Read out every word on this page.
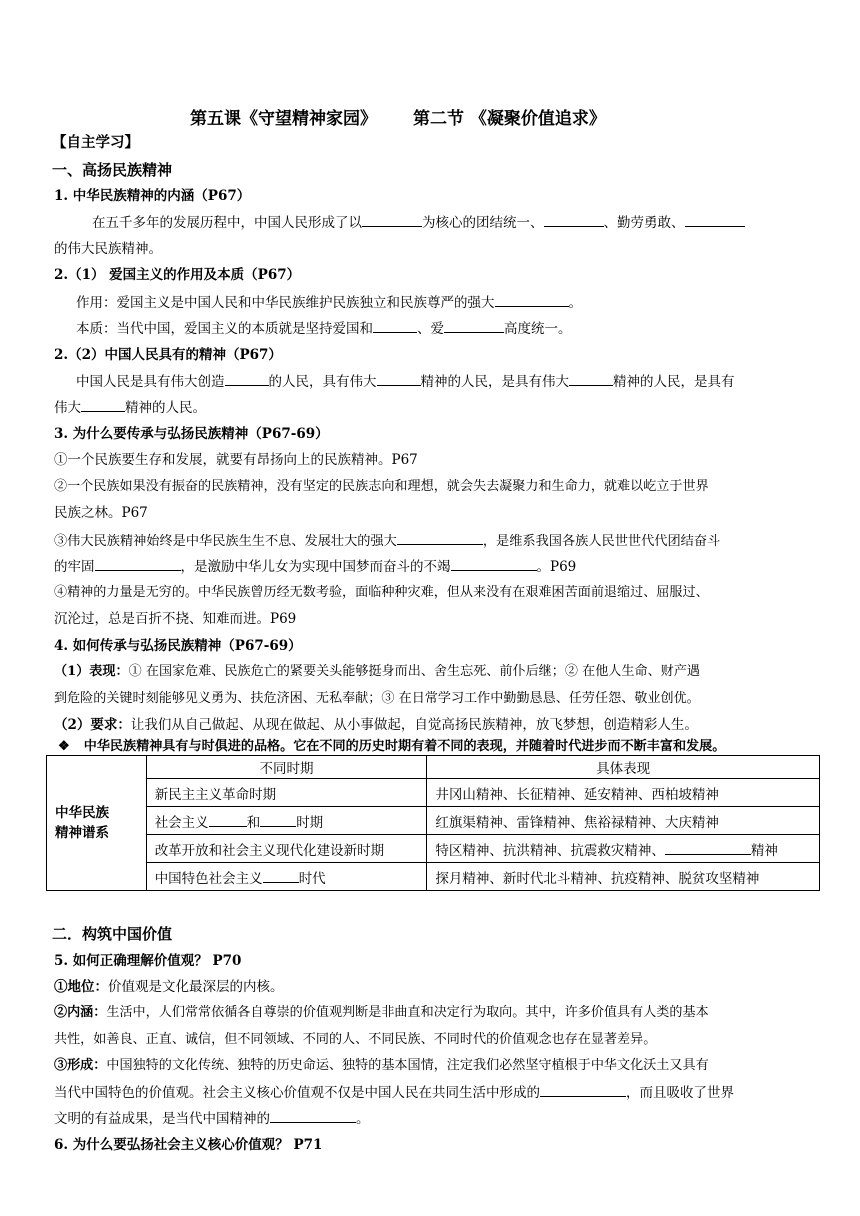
第五课《守望精神家园》 第二节 《凝聚价值追求》
【自主学习】
一、高扬民族精神
1. 中华民族精神的内涵（P67）
在五千多年的发展历程中，中国人民形成了以	为核心的团结统一、	、勤劳勇敢、
的伟大民族精神。
2.（1） 爱国主义的作用及本质（P67）
作用：爱国主义是中国人民和中华民族维护民族独立和民族尊严的强大	。
本质：当代中国，爱国主义的本质就是坚持爱国和	、爱	高度统一。
2.（2）中国人民具有的精神（P67）
中国人民是具有伟大创造	的人民，具有伟大	精神的人民，是具有伟大	精神的人民，是具有
伟大	精神的人民。
3. 为什么要传承与弘扬民族精神（P67-69）
①一个民族要生存和发展，就要有昂扬向上的民族精神。P67
②一个民族如果没有振奋的民族精神，没有坚定的民族志向和理想，就会失去凝聚力和生命力，就难以屹立于世界
民族之林。P67
③伟大民族精神始终是中华民族生生不息、发展壮大的强大	，是维系我国各族人民世世代代团结奋斗
的牢固	，是激励中华儿女为实现中国梦而奋斗的不竭	。P69
④精神的力量是无穷的。中华民族曾历经无数考验，面临种种灾难，但从来没有在艰难困苦面前退缩过、屈服过、
沉沦过，总是百折不挠、知难而进。P69
4. 如何传承与弘扬民族精神（P67-69）
（1）表现：① 在国家危难、民族危亡的紧要关头能够挺身而出、舍生忘死、前仆后继；② 在他人生命、财产遇
到危险的关键时刻能够见义勇为、扶危济困、无私奉献；③ 在日常学习工作中勤勤恳恳、任劳任怨、敬业创优。
（2）要求：让我们从自己做起、从现在做起、从小事做起，自觉高扬民族精神，放飞梦想，创造精彩人生。
❖ 中华民族精神具有与时俱进的品格。它在不同的历史时期有着不同的表现，并随着时代进步而不断丰富和发展。
中华民族
精神谱系	不同时期	具体表现
	新民主主义革命时期	井冈山精神、长征精神、延安精神、西柏坡精神
	社会主义 和 时期	红旗渠精神、雷锋精神、焦裕禄精神、大庆精神
	改革开放和社会主义现代化建设新时期	特区精神、抗洪精神、抗震救灾精神、 精神
	中国特色社会主义 时代	探月精神、新时代北斗精神、抗疫精神、脱贫攻坚精神
二．构筑中国价值
5. 如何正确理解价值观？ P70
①地位：价值观是文化最深层的内核。
②内涵：生活中，人们常常依循各自尊崇的价值观判断是非曲直和决定行为取向。其中，许多价值具有人类的基本
共性，如善良、正直、诚信，但不同领域、不同的人、不同民族、不同时代的价值观念也存在显著差异。
③形成：中国独特的文化传统、独特的历史命运、独特的基本国情，注定我们必然坚守植根于中华文化沃土又具有
当代中国特色的价值观。社会主义核心价值观不仅是中国人民在共同生活中形成的	，而且吸收了世界
文明的有益成果，是当代中国精神的	。
6. 为什么要弘扬社会主义核心价值观？ P71
